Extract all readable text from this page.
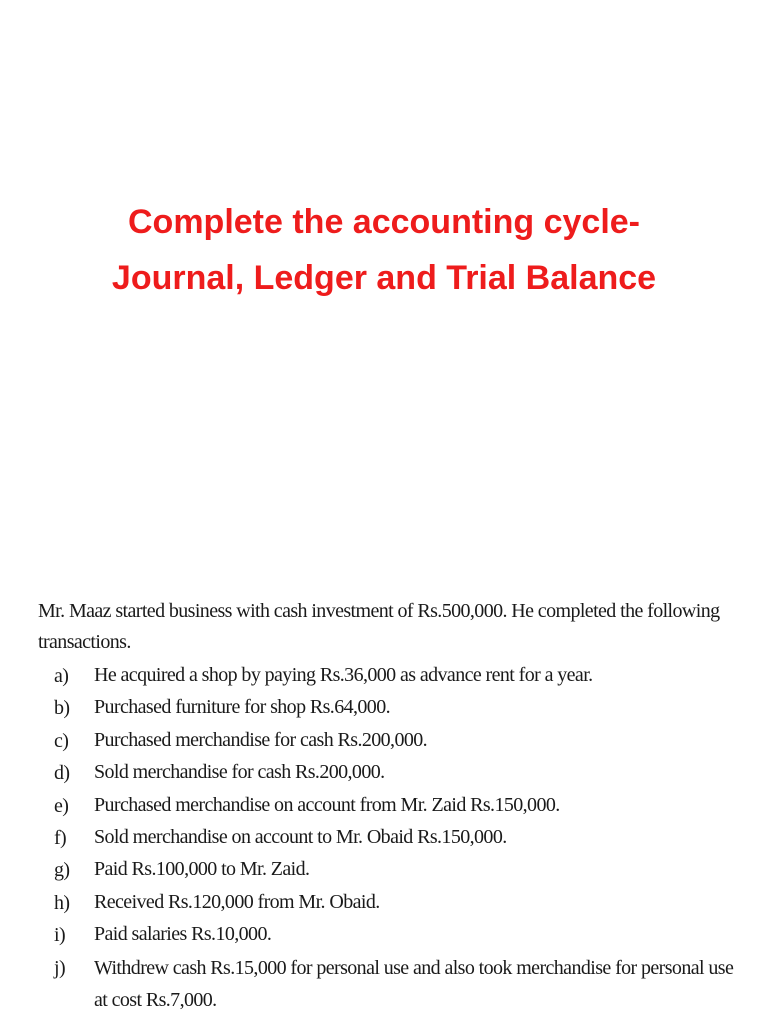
Complete the accounting cycle-
Journal, Ledger and Trial Balance

Mr. Maaz started business with cash investment of Rs.500,000. He completed the following transactions.

a)	He acquired a shop by paying Rs.36,000 as advance rent for a year.
b)	Purchased furniture for shop Rs.64,000.
c)	Purchased merchandise for cash Rs.200,000.
d)	Sold merchandise for cash Rs.200,000.
e)	Purchased merchandise on account from Mr. Zaid Rs.150,000.
f)	Sold merchandise on account to Mr. Obaid Rs.150,000.
g)	Paid Rs.100,000 to Mr. Zaid.
h)	Received Rs.120,000 from Mr. Obaid.
i)	Paid salaries Rs.10,000.
j)	Withdrew cash Rs.15,000 for personal use and also took merchandise for personal use at cost Rs.7,000.
